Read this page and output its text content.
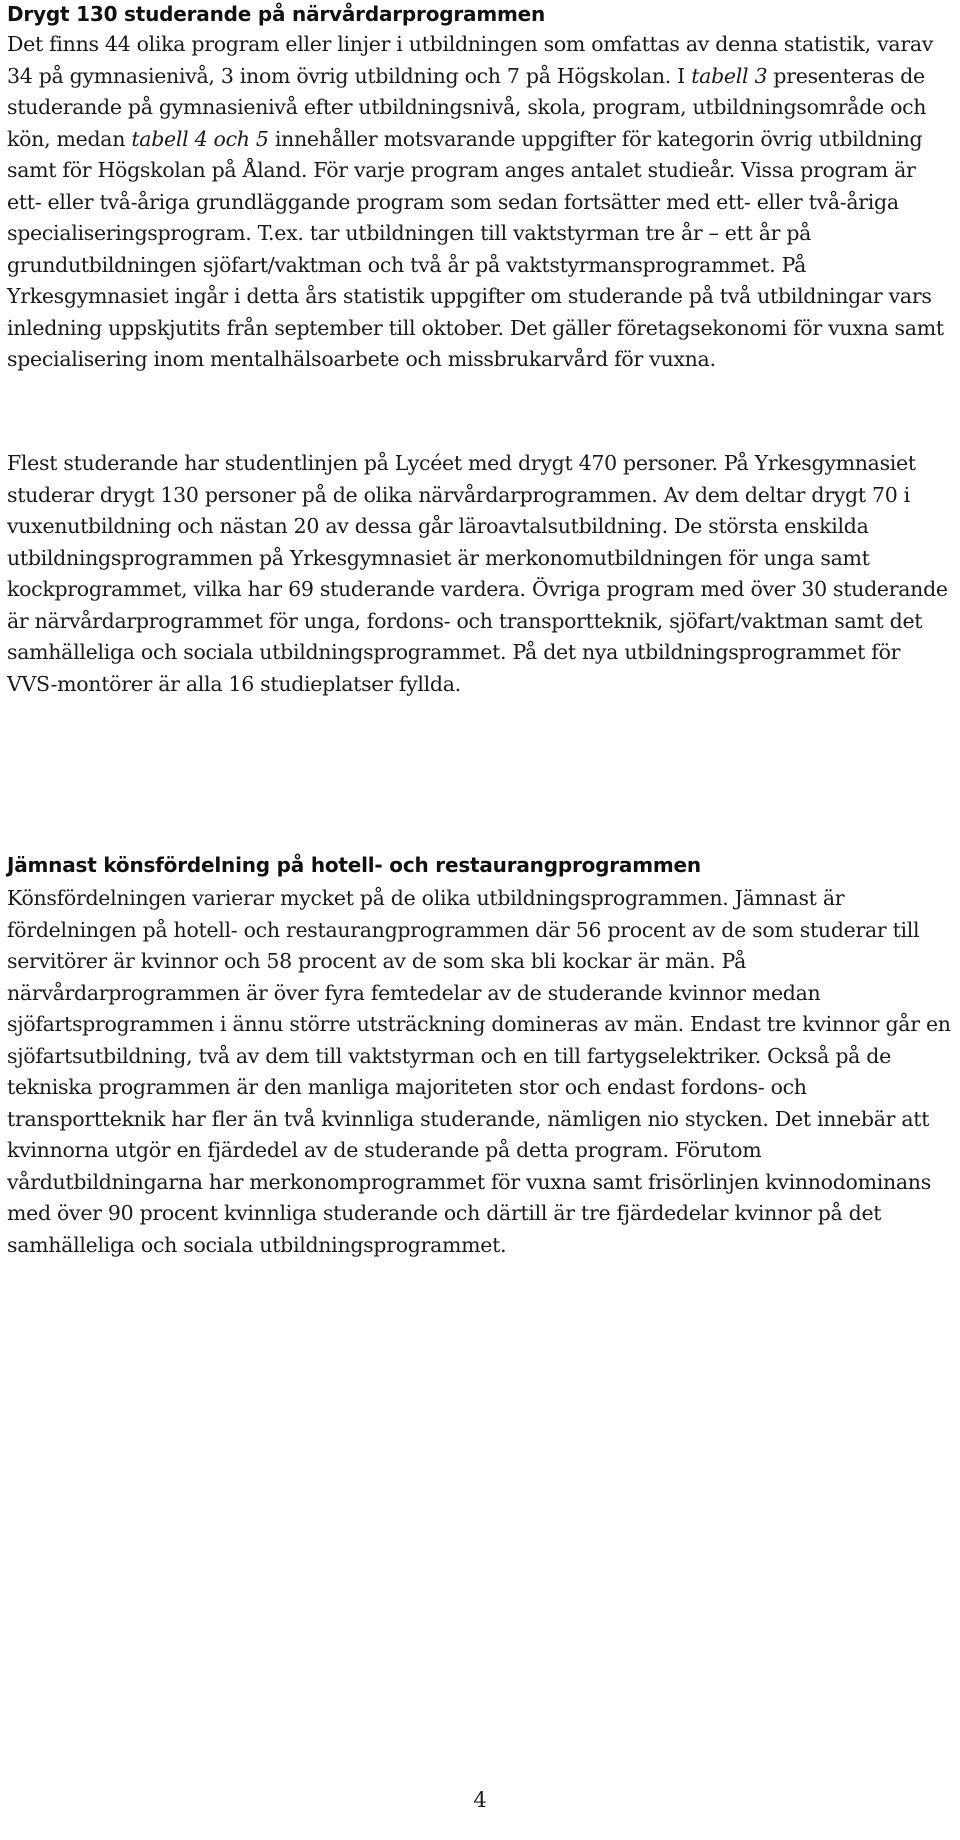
Drygt 130 studerande på närvårdarprogrammen

Det finns 44 olika program eller linjer i utbildningen som omfattas av denna statistik, varav 34 på gymnasienivå, 3 inom övrig utbildning och 7 på Högskolan. I tabell 3 presenteras de studerande på gymnasienivå efter utbildningsnivå, skola, program, utbildningsområde och kön, medan tabell 4 och 5 innehåller motsvarande uppgifter för kategorin övrig utbildning samt för Högskolan på Åland. För varje program anges antalet studieår. Vissa program är ett- eller två-åriga grundläggande program som sedan fortsätter med ett- eller två-åriga specialiseringsprogram. T.ex. tar utbildningen till vaktstyrman tre år – ett år på grundutbildningen sjöfart/vaktman och två år på vaktstyrmansprogrammet. På Yrkesgymnasiet ingår i detta års statistik uppgifter om studerande på två utbildningar vars inledning uppskjutits från september till oktober. Det gäller företagsekonomi för vuxna samt specialisering inom mentalhälsoarbete och missbrukarvård för vuxna.

Flest studerande har studentlinjen på Lycéet med drygt 470 personer. På Yrkesgymnasiet studerar drygt 130 personer på de olika närvårdarprogrammen. Av dem deltar drygt 70 i vuxenutbildning och nästan 20 av dessa går läroavtalsutbildning. De största enskilda utbildningsprogrammen på Yrkesgymnasiet är merkonomutbildningen för unga samt kockprogrammet, vilka har 69 studerande vardera. Övriga program med över 30 studerande är närvårdarprogrammet för unga, fordons- och transportteknik, sjöfart/vaktman samt det samhälleliga och sociala utbildningsprogrammet. På det nya utbildningsprogrammet för VVS-montörer är alla 16 studieplatser fyllda.

Jämnast könsfördelning på hotell- och restaurangprogrammen

Könsfördelningen varierar mycket på de olika utbildningsprogrammen. Jämnast är fördelningen på hotell- och restaurangprogrammen där 56 procent av de som studerar till servitörer är kvinnor och 58 procent av de som ska bli kockar är män. På närvårdarprogrammen är över fyra femtedelar av de studerande kvinnor medan sjöfartsprogrammen i ännu större utsträckning domineras av män. Endast tre kvinnor går en sjöfartsutbildning, två av dem till vaktstyrman och en till fartygselektriker. Också på de tekniska programmen är den manliga majoriteten stor och endast fordons- och transportteknik har fler än två kvinnliga studerande, nämligen nio stycken. Det innebär att kvinnorna utgör en fjärdedel av de studerande på detta program. Förutom vårdutbildningarna har merkonomprogrammet för vuxna samt frisörlinjen kvinnodominans med över 90 procent kvinnliga studerande och därtill är tre fjärdedelar kvinnor på det samhälleliga och sociala utbildningsprogrammet.

4
